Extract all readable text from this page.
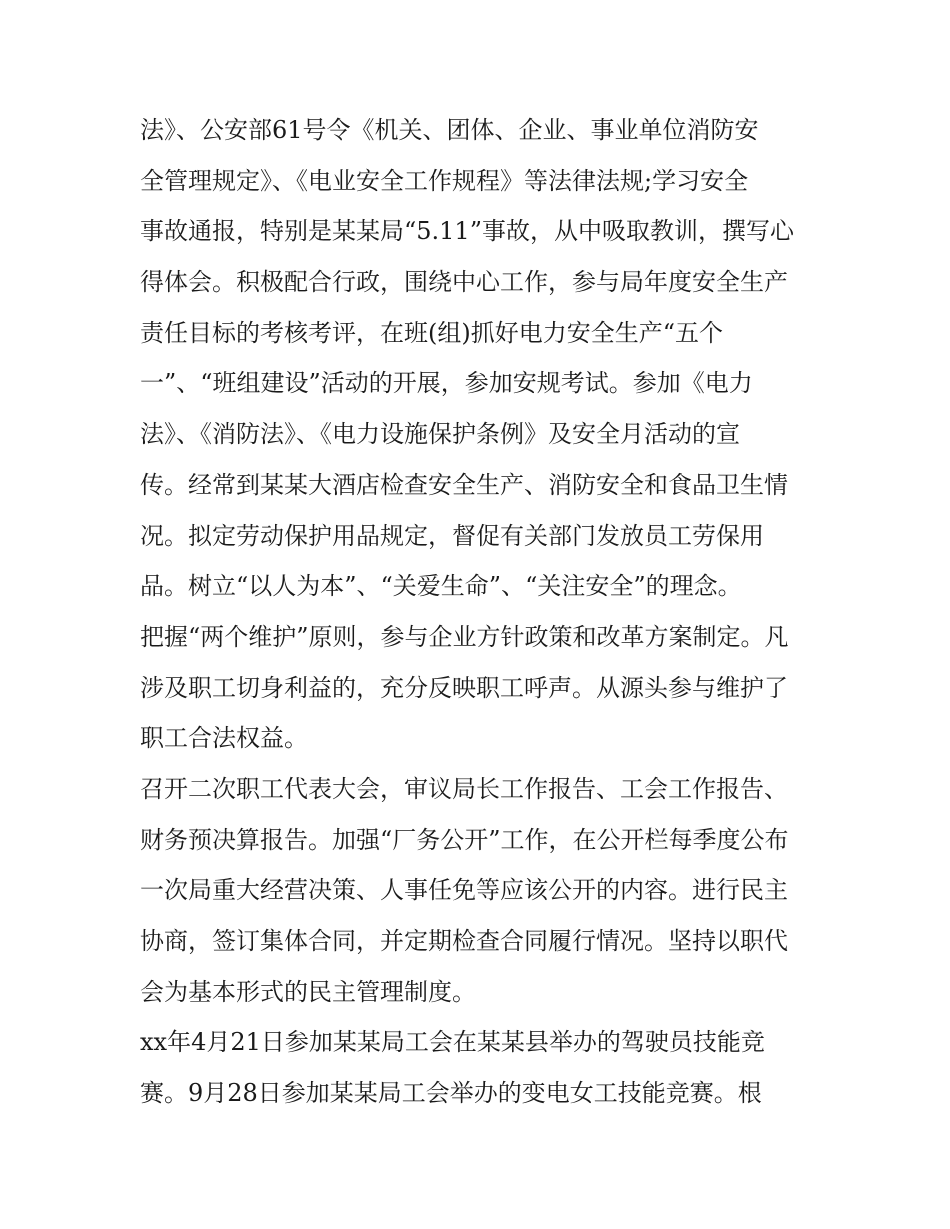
法》、公安部61号令《机关、团体、企业、事业单位消防安
全管理规定》、《电业安全工作规程》等法律法规;学习安全
事故通报，特别是某某局“5.11”事故，从中吸取教训，撰写心
得体会。积极配合行政，围绕中心工作，参与局年度安全生产
责任目标的考核考评，在班(组)抓好电力安全生产“五个
一”、“班组建设”活动的开展，参加安规考试。参加《电力
法》、《消防法》、《电力设施保护条例》及安全月活动的宣
传。经常到某某大酒店检查安全生产、消防安全和食品卫生情
况。拟定劳动保护用品规定，督促有关部门发放员工劳保用
品。树立“以人为本”、“关爱生命”、“关注安全”的理念。
把握“两个维护”原则，参与企业方针政策和改革方案制定。凡
涉及职工切身利益的，充分反映职工呼声。从源头参与维护了
职工合法权益。
召开二次职工代表大会，审议局长工作报告、工会工作报告、
财务预决算报告。加强“厂务公开”工作，在公开栏每季度公布
一次局重大经营决策、人事任免等应该公开的内容。进行民主
协商，签订集体合同，并定期检查合同履行情况。坚持以职代
会为基本形式的民主管理制度。
xx年4月21日参加某某局工会在某某县举办的驾驶员技能竞
赛。9月28日参加某某局工会举办的变电女工技能竞赛。根
